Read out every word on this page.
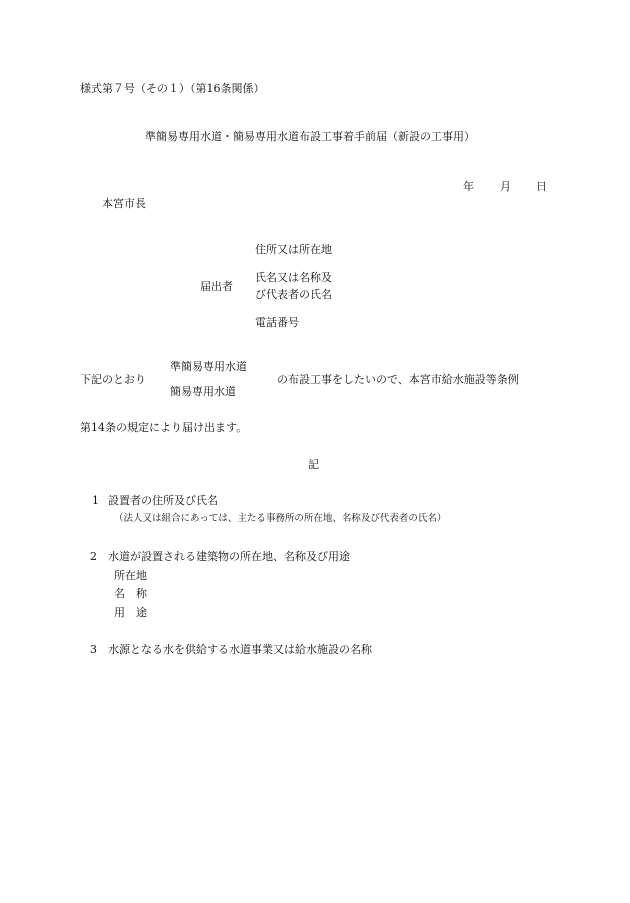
様式第７号（その１）（第16条関係）
準簡易専用水道・簡易専用水道布設工事着手前届（新設の工事用）
年 月 日
本宮市長
住所又は所在地
届出者
氏名又は名称及
び代表者の氏名
電話番号
準簡易専用水道
下記のとおり	の布設工事をしたいので、本宮市給水施設等条例
簡易専用水道
第14条の規定により届け出ます。
記
1 設置者の住所及び氏名
（法人又は組合にあっては、主たる事務所の所在地、名称及び代表者の氏名）
2 水道が設置される建築物の所在地、名称及び用途
所在地
名　称
用　途
3 水源となる水を供給する水道事業又は給水施設の名称
